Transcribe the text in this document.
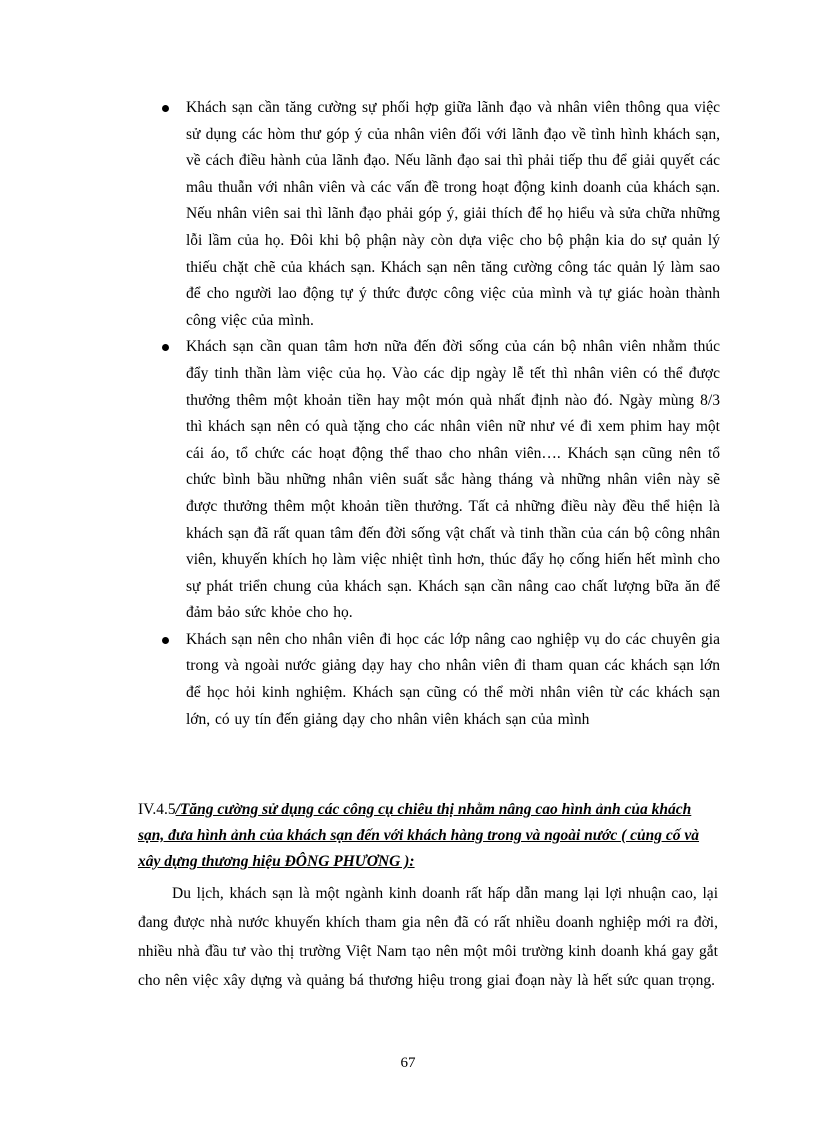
Khách sạn cần tăng cường sự phối hợp giữa lãnh đạo và nhân viên thông qua việc sử dụng các hòm thư góp ý của nhân viên đối với lãnh đạo về tình hình khách sạn, về cách điều hành của lãnh đạo. Nếu lãnh đạo sai thì phải tiếp thu để giải quyết các mâu thuẫn với nhân viên và các vấn đề trong hoạt động kinh doanh của khách sạn. Nếu nhân viên sai thì lãnh đạo phải góp ý, giải thích để họ hiểu và sửa chữa những lỗi lầm của họ. Đôi khi bộ phận này còn dựa việc cho bộ phận kia do sự quản lý thiếu chặt chẽ của khách sạn. Khách sạn nên tăng cường công tác quản lý làm sao để cho người lao động tự ý thức được công việc của mình và tự giác hoàn thành công việc của mình.
Khách sạn cần quan tâm hơn nữa đến đời sống của cán bộ nhân viên nhằm thúc đẩy tinh thần làm việc của họ. Vào các dịp ngày lễ tết thì nhân viên có thể được thưởng thêm một khoản tiền hay một món quà nhất định nào đó. Ngày mùng 8/3 thì khách sạn nên có quà tặng cho các nhân viên nữ như vé đi xem phim hay một cái áo, tổ chức các hoạt động thể thao cho nhân viên…. Khách sạn cũng nên tổ chức bình bầu những nhân viên suất sắc hàng tháng và những nhân viên này sẽ được thưởng thêm một khoản tiền thưởng. Tất cả những điều này đều thể hiện là khách sạn đã rất quan tâm đến đời sống vật chất và tinh thần của cán bộ công nhân viên, khuyến khích họ làm việc nhiệt tình hơn, thúc đẩy họ cống hiến hết mình cho sự phát triển chung của khách sạn. Khách sạn cần nâng cao chất lượng bữa ăn để đảm bảo sức khỏe cho họ.
Khách sạn nên cho nhân viên đi học các lớp nâng cao nghiệp vụ do các chuyên gia trong và ngoài nước giảng dạy hay cho nhân viên đi tham quan các khách sạn lớn để học hỏi kinh nghiệm. Khách sạn cũng có thể mời nhân viên từ các khách sạn lớn, có uy tín đến giảng dạy cho nhân viên khách sạn của mình

IV.4.5/Tăng cường sử dụng các công cụ chiêu thị nhằm nâng cao hình ảnh của khách sạn, đưa hình ảnh của khách sạn đến với khách hàng trong và ngoài nước ( củng cố và xây dựng thương hiệu ĐÔNG PHƯƠNG ):

Du lịch, khách sạn là một ngành kinh doanh rất hấp dẫn mang lại lợi nhuận cao, lại đang được nhà nước khuyến khích tham gia nên đã có rất nhiều doanh nghiệp mới ra đời, nhiều nhà đầu tư vào thị trường Việt Nam tạo nên một môi trường kinh doanh khá gay gắt cho nên việc xây dựng và quảng bá thương hiệu trong giai đoạn này là hết sức quan trọng.

67
